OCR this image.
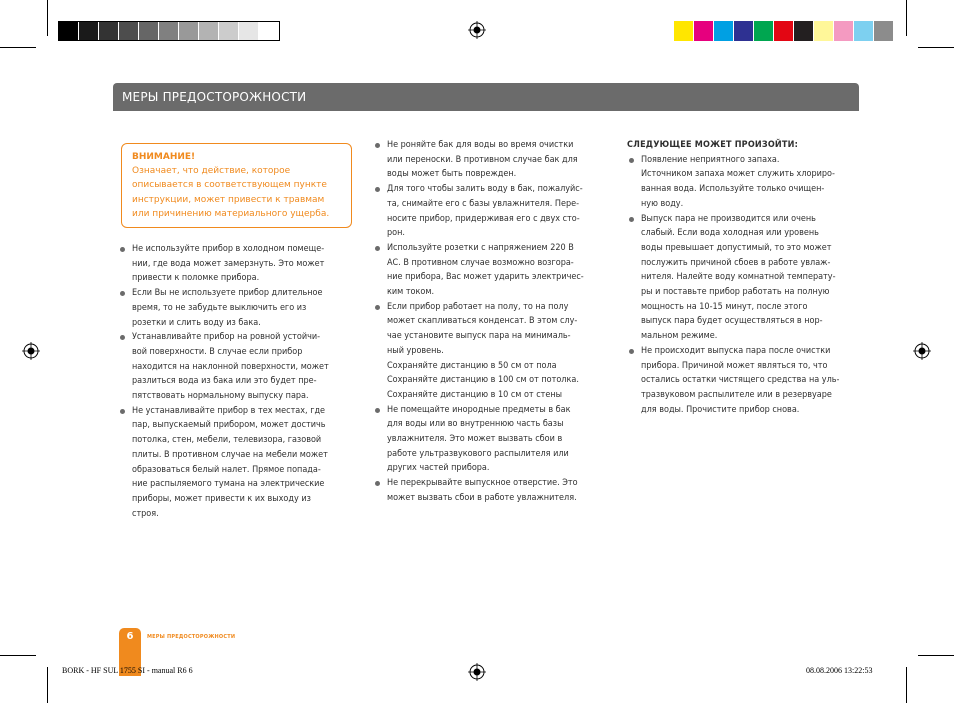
МЕРЫ ПРЕДОСТОРОЖНОСТИ
ВНИМАНИЕ!
Означает, что действие, которое
описывается в соответствующем пункте
инструкции, может привести к травмам
или причинению материального ущерба.
Не используйте прибор в холодном помеще-
нии, где вода может замерзнуть. Это может
привести к поломке прибора.
Если Вы не используете прибор длительное
время, то не забудьте выключить его из
розетки и слить воду из бака.
Устанавливайте прибор на ровной устойчи-
вой поверхности. В случае если прибор
находится на наклонной поверхности, может
разлиться вода из бака или это будет пре-
пятствовать нормальному выпуску пара.
Не устанавливайте прибор в тех местах, где
пар, выпускаемый прибором, может достичь
потолка, стен, мебели, телевизора, газовой
плиты. В противном случае на мебели может
образоваться белый налет. Прямое попада-
ние распыляемого тумана на электрические
приборы, может привести к их выходу из
строя.
Не роняйте бак для воды во время очистки
или переноски. В противном случае бак для
воды может быть поврежден.
Для того чтобы залить воду в бак, пожалуйс-
та, снимайте его с базы увлажнителя. Пере-
носите прибор, придерживая его с двух сто-
рон.
Используйте розетки с напряжением 220 В
АС. В противном случае возможно возгора-
ние прибора, Вас может ударить электричес-
ким током.
Если прибор работает на полу, то на полу
может скапливаться конденсат. В этом слу-
чае установите выпуск пара на минималь-
ный уровень.
Сохраняйте дистанцию в 50 см от пола
Сохраняйте дистанцию в 100 см от потолка.
Сохраняйте дистанцию в 10 см от стены
Не помещайте инородные предметы в бак
для воды или во внутреннюю часть базы
увлажнителя. Это может вызвать сбои в
работе ультразвукового распылителя или
других частей прибора.
Не перекрывайте выпускное отверстие. Это
может вызвать сбои в работе увлажнителя.
СЛЕДУЮЩЕЕ МОЖЕТ ПРОИЗОЙТИ:
Появление неприятного запаха.
Источником запаха может служить хлориро-
ванная вода. Используйте только очищен-
ную воду.
Выпуск пара не производится или очень
слабый. Если вода холодная или уровень
воды превышает допустимый, то это может
послужить причиной сбоев в работе увлаж-
нителя. Налейте воду комнатной температу-
ры и поставьте прибор работать на полную
мощность на 10-15 минут, после этого
выпуск пара будет осуществляться в нор-
мальном режиме.
Не происходит выпуска пара после очистки
прибора. Причиной может являться то, что
остались остатки чистящего средства на уль-
тразвуковом распылителе или в резервуаре
для воды. Прочистите прибор снова.
6	МЕРЫ ПРЕДОСТОРОЖНОСТИ
BORK - HF SUL 1755 SI - manual R6 6	08.08.2006 13:22:53
